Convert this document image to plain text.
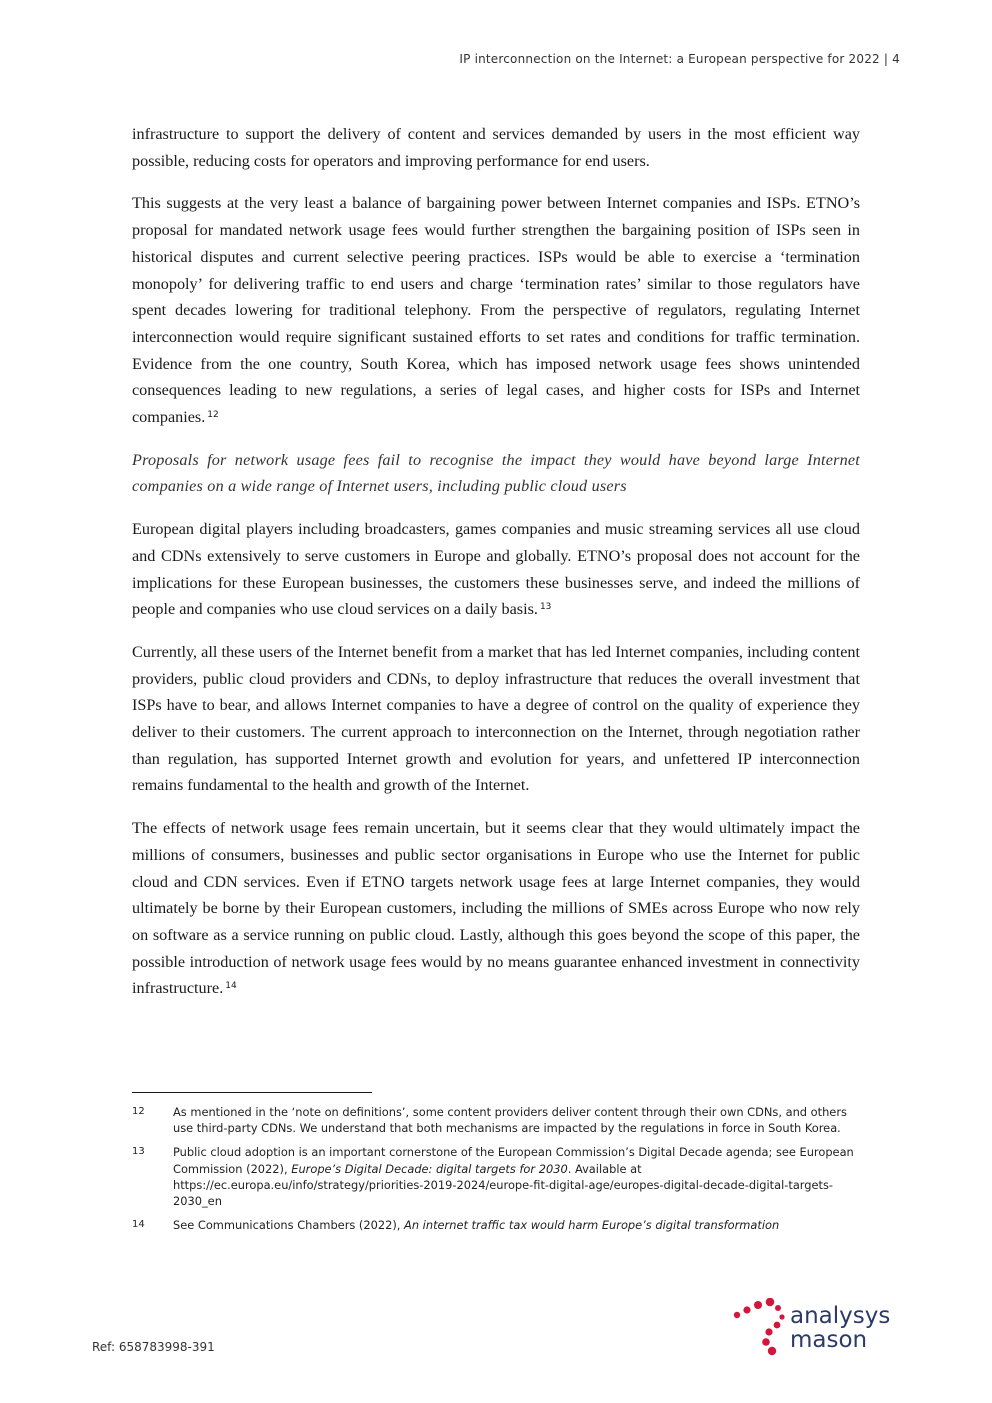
IP interconnection on the Internet: a European perspective for 2022 | 4

infrastructure to support the delivery of content and services demanded by users in the most efficient way possible, reducing costs for operators and improving performance for end users.

This suggests at the very least a balance of bargaining power between Internet companies and ISPs. ETNO’s proposal for mandated network usage fees would further strengthen the bargaining position of ISPs seen in historical disputes and current selective peering practices. ISPs would be able to exercise a ‘termination monopoly’ for delivering traffic to end users and charge ‘termination rates’ similar to those regulators have spent decades lowering for traditional telephony. From the perspective of regulators, regulating Internet interconnection would require significant sustained efforts to set rates and conditions for traffic termination. Evidence from the one country, South Korea, which has imposed network usage fees shows unintended consequences leading to new regulations, a series of legal cases, and higher costs for ISPs and Internet companies. $^{12}$

Proposals for network usage fees fail to recognise the impact they would have beyond large Internet companies on a wide range of Internet users, including public cloud users

European digital players including broadcasters, games companies and music streaming services all use cloud and CDNs extensively to serve customers in Europe and globally. ETNO’s proposal does not account for the implications for these European businesses, the customers these businesses serve, and indeed the millions of people and companies who use cloud services on a daily basis. $^{13}$

Currently, all these users of the Internet benefit from a market that has led Internet companies, including content providers, public cloud providers and CDNs, to deploy infrastructure that reduces the overall investment that ISPs have to bear, and allows Internet companies to have a degree of control on the quality of experience they deliver to their customers. The current approach to interconnection on the Internet, through negotiation rather than regulation, has supported Internet growth and evolution for years, and unfettered IP interconnection remains fundamental to the health and growth of the Internet.

The effects of network usage fees remain uncertain, but it seems clear that they would ultimately impact the millions of consumers, businesses and public sector organisations in Europe who use the Internet for public cloud and CDN services. Even if ETNO targets network usage fees at large Internet companies, they would ultimately be borne by their European customers, including the millions of SMEs across Europe who now rely on software as a service running on public cloud. Lastly, although this goes beyond the scope of this paper, the possible introduction of network usage fees would by no means guarantee enhanced investment in connectivity infrastructure. $^{14}$

12	As mentioned in the ‘note on definitions’, some content providers deliver content through their own CDNs, and others use third-party CDNs. We understand that both mechanisms are impacted by the regulations in force in South Korea.
13	Public cloud adoption is an important cornerstone of the European Commission’s Digital Decade agenda; see European Commission (2022), Europe’s Digital Decade: digital targets for 2030. Available at https://ec.europa.eu/info/strategy/priorities-2019-2024/europe-fit-digital-age/europes-digital-decade-digital-targets-2030_en
14	See Communications Chambers (2022), An internet traffic tax would harm Europe’s digital transformation
Ref: 658783998-391
analysys
mason
